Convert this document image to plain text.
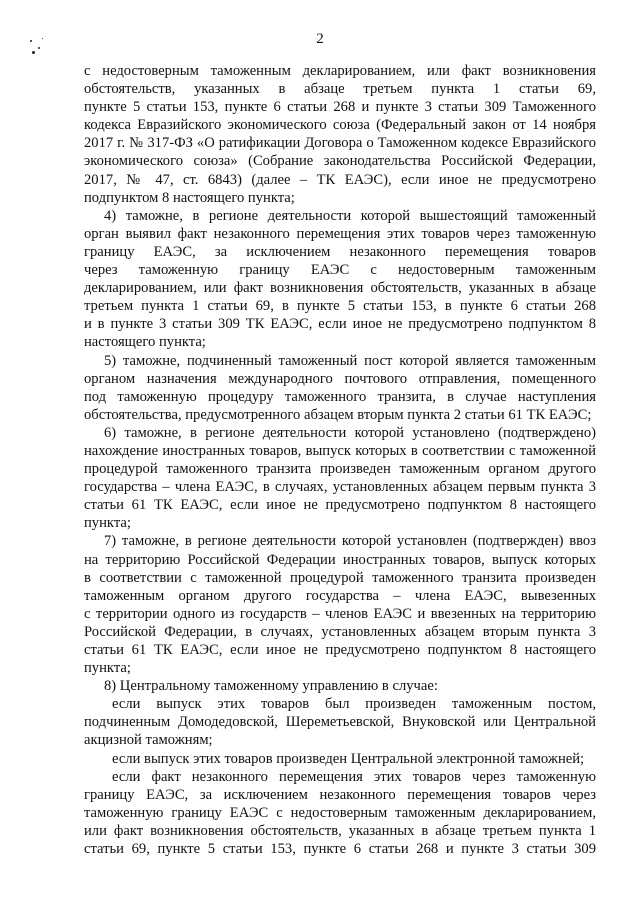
2
с недостоверным таможенным декларированием, или факт возникновения
обстоятельств, указанных в абзаце третьем пункта 1 статьи 69,
пункте 5 статьи 153, пункте 6 статьи 268 и пункте 3 статьи 309 Таможенного
кодекса Евразийского экономического союза (Федеральный закон от 14 ноября
2017 г. № 317-ФЗ «О ратификации Договора о Таможенном кодексе Евразийского
экономического союза» (Собрание законодательства Российской Федерации,
2017, № 47, ст. 6843) (далее – ТК ЕАЭС), если иное не предусмотрено
подпунктом 8 настоящего пункта;
4) таможне, в регионе деятельности которой вышестоящий таможенный
орган выявил факт незаконного перемещения этих товаров через таможенную
границу ЕАЭС, за исключением незаконного перемещения товаров
через таможенную границу ЕАЭС с недостоверным таможенным
декларированием, или факт возникновения обстоятельств, указанных в абзаце
третьем пункта 1 статьи 69, в пункте 5 статьи 153, в пункте 6 статьи 268
и в пункте 3 статьи 309 ТК ЕАЭС, если иное не предусмотрено подпунктом 8
настоящего пункта;
5) таможне, подчиненный таможенный пост которой является таможенным
органом назначения международного почтового отправления, помещенного
под таможенную процедуру таможенного транзита, в случае наступления
обстоятельства, предусмотренного абзацем вторым пункта 2 статьи 61 ТК ЕАЭС;
6) таможне, в регионе деятельности которой установлено (подтверждено)
нахождение иностранных товаров, выпуск которых в соответствии с таможенной
процедурой таможенного транзита произведен таможенным органом другого
государства – члена ЕАЭС, в случаях, установленных абзацем первым пункта 3
статьи 61 ТК ЕАЭС, если иное не предусмотрено подпунктом 8 настоящего
пункта;
7) таможне, в регионе деятельности которой установлен (подтвержден) ввоз
на территорию Российской Федерации иностранных товаров, выпуск которых
в соответствии с таможенной процедурой таможенного транзита произведен
таможенным органом другого государства – члена ЕАЭС, вывезенных
с территории одного из государств – членов ЕАЭС и ввезенных на территорию
Российской Федерации, в случаях, установленных абзацем вторым пункта 3
статьи 61 ТК ЕАЭС, если иное не предусмотрено подпунктом 8 настоящего
пункта;
8) Центральному таможенному управлению в случае:
если выпуск этих товаров был произведен таможенным постом,
подчиненным Домодедовской, Шереметьевской, Внуковской или Центральной
акцизной таможням;
если выпуск этих товаров произведен Центральной электронной таможней;
если факт незаконного перемещения этих товаров через таможенную
границу ЕАЭС, за исключением незаконного перемещения товаров через
таможенную границу ЕАЭС с недостоверным таможенным декларированием,
или факт возникновения обстоятельств, указанных в абзаце третьем пункта 1
статьи 69, пункте 5 статьи 153, пункте 6 статьи 268 и пункте 3 статьи 309
